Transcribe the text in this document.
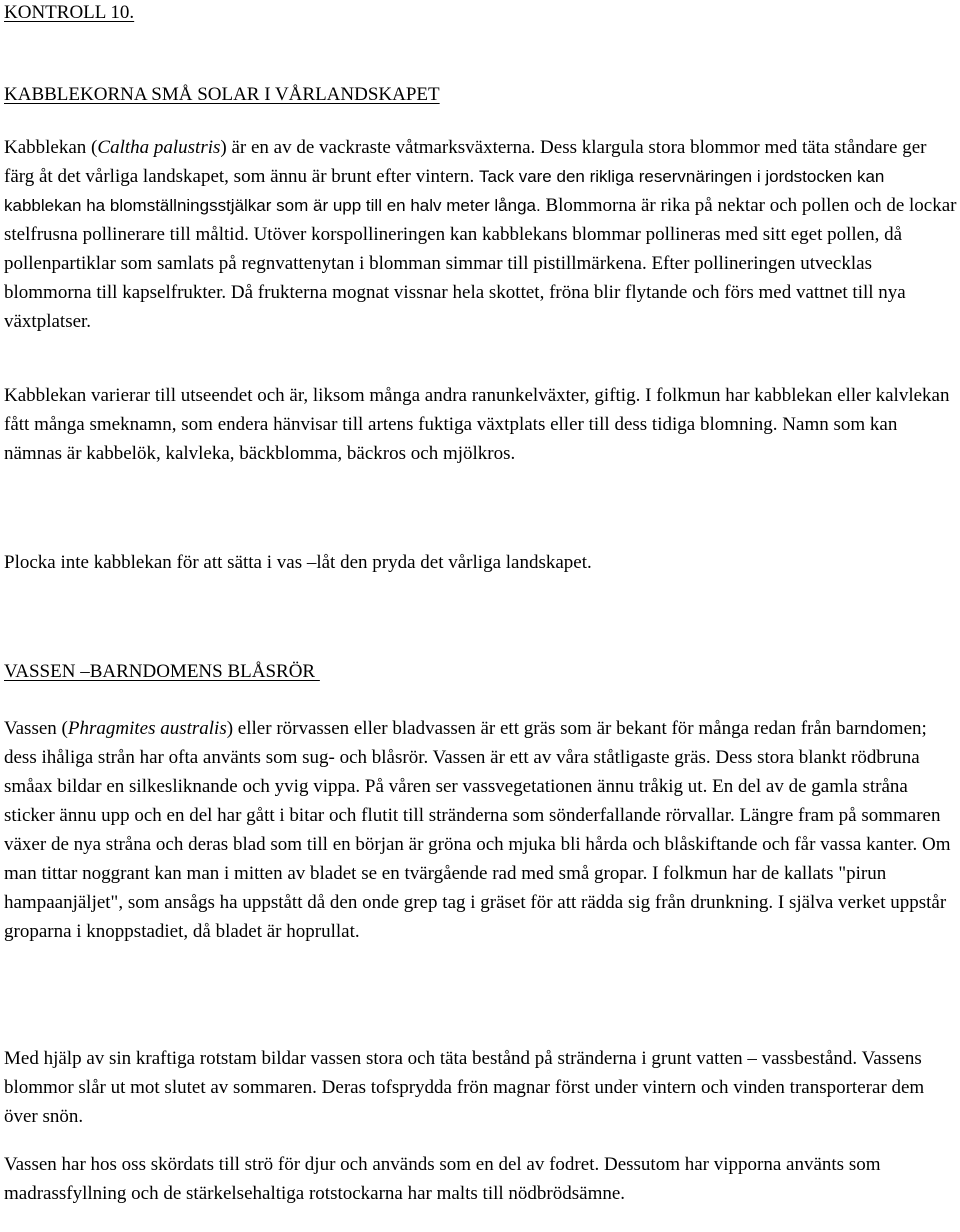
KONTROLL 10.
KABBLEKORNA SMÅ SOLAR I VÅRLANDSKAPET

Kabblekan (Caltha palustris) är en av de vackraste våtmarksväxterna. Dess klargula stora blommor med täta ståndare ger färg åt det vårliga landskapet, som ännu är brunt efter vintern. Tack vare den rikliga reservnäringen i jordstocken kan kabblekan ha blomställningsstjälkar som är upp till en halv meter långa. Blommorna är rika på nektar och pollen och de lockar stelfrusna pollinerare till måltid. Utöver korspollineringen kan kabblekans blommar pollineras med sitt eget pollen, då pollenpartiklar som samlats på regnvattenytan i blomman simmar till pistillmärkena. Efter pollineringen utvecklas blommorna till kapselfrukter. Då frukterna mognat vissnar hela skottet, fröna blir flytande och förs med vattnet till nya växtplatser.

Kabblekan varierar till utseendet och är, liksom många andra ranunkelväxter, giftig. I folkmun har kabblekan eller kalvlekan fått många smeknamn, som endera hänvisar till artens fuktiga växtplats eller till dess tidiga blomning. Namn som kan nämnas är kabbelök, kalvleka, bäckblomma, bäckros och mjölkros.

Plocka inte kabblekan för att sätta i vas –låt den pryda det vårliga landskapet.

VASSEN –BARNDOMENS BLÅSRÖR

Vassen (Phragmites australis) eller rörvassen eller bladvassen är ett gräs som är bekant för många redan från barndomen; dess ihåliga strån har ofta använts som sug- och blåsrör. Vassen är ett av våra ståtligaste gräs. Dess stora blankt rödbruna småax bildar en silkesliknande och yvig vippa. På våren ser vassvegetationen ännu tråkig ut. En del av de gamla stråna sticker ännu upp och en del har gått i bitar och flutit till stränderna som sönderfallande rörvallar. Längre fram på sommaren växer de nya stråna och deras blad som till en början är gröna och mjuka bli hårda och blåskiftande och får vassa kanter. Om man tittar noggrant kan man i mitten av bladet se en tvärgående rad med små gropar. I folkmun har de kallats "pirun hampaanjäljet", som ansågs ha uppstått då den onde grep tag i gräset för att rädda sig från drunkning. I själva verket uppstår groparna i knoppstadiet, då bladet är hoprullat.

Med hjälp av sin kraftiga rotstam bildar vassen stora och täta bestånd på stränderna i grunt vatten – vassbestånd. Vassens blommor slår ut mot slutet av sommaren. Deras tofsprydda frön magnar först under vintern och vinden transporterar dem över snön.

Vassen har hos oss skördats till strö för djur och används som en del av fodret. Dessutom har vipporna använts som madrassfyllning och de stärkelsehaltiga rotstockarna har malts till nödbrödsämne.
